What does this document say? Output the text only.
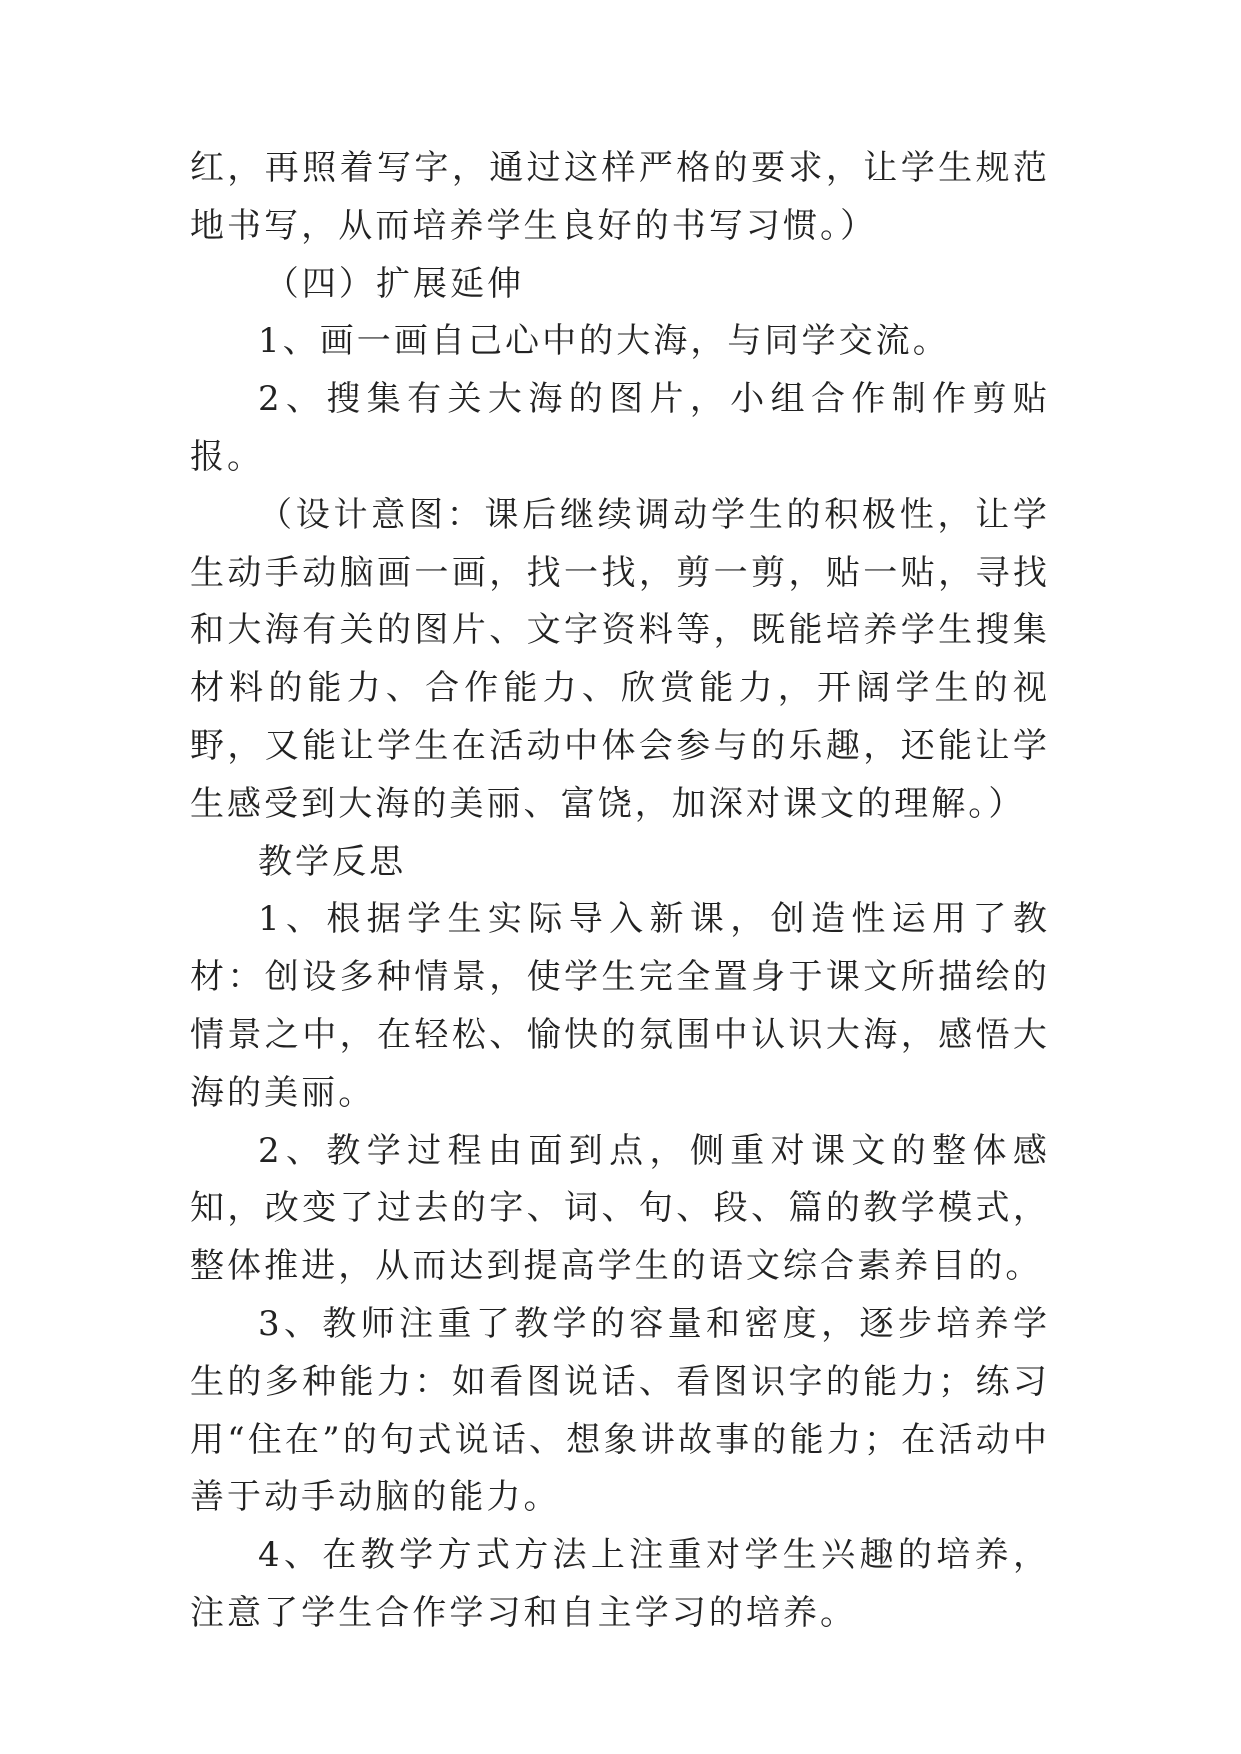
红，再照着写字，通过这样严格的要求，让学生规范地书写，从而培养学生良好的书写习惯。）

（四）扩展延伸

1、画一画自己心中的大海，与同学交流。

2、搜集有关大海的图片，小组合作制作剪贴报。

（设计意图：课后继续调动学生的积极性，让学生动手动脑画一画，找一找，剪一剪，贴一贴，寻找和大海有关的图片、文字资料等，既能培养学生搜集材料的能力、合作能力、欣赏能力，开阔学生的视野，又能让学生在活动中体会参与的乐趣，还能让学生感受到大海的美丽、富饶，加深对课文的理解。）

教学反思

1、根据学生实际导入新课，创造性运用了教材：创设多种情景，使学生完全置身于课文所描绘的情景之中，在轻松、愉快的氛围中认识大海，感悟大海的美丽。

2、教学过程由面到点，侧重对课文的整体感知，改变了过去的字、词、句、段、篇的教学模式，整体推进，从而达到提高学生的语文综合素养目的。

3、教师注重了教学的容量和密度，逐步培养学生的多种能力：如看图说话、看图识字的能力；练习用“住在”的句式说话、想象讲故事的能力；在活动中善于动手动脑的能力。

4、在教学方式方法上注重对学生兴趣的培养，注意了学生合作学习和自主学习的培养。
